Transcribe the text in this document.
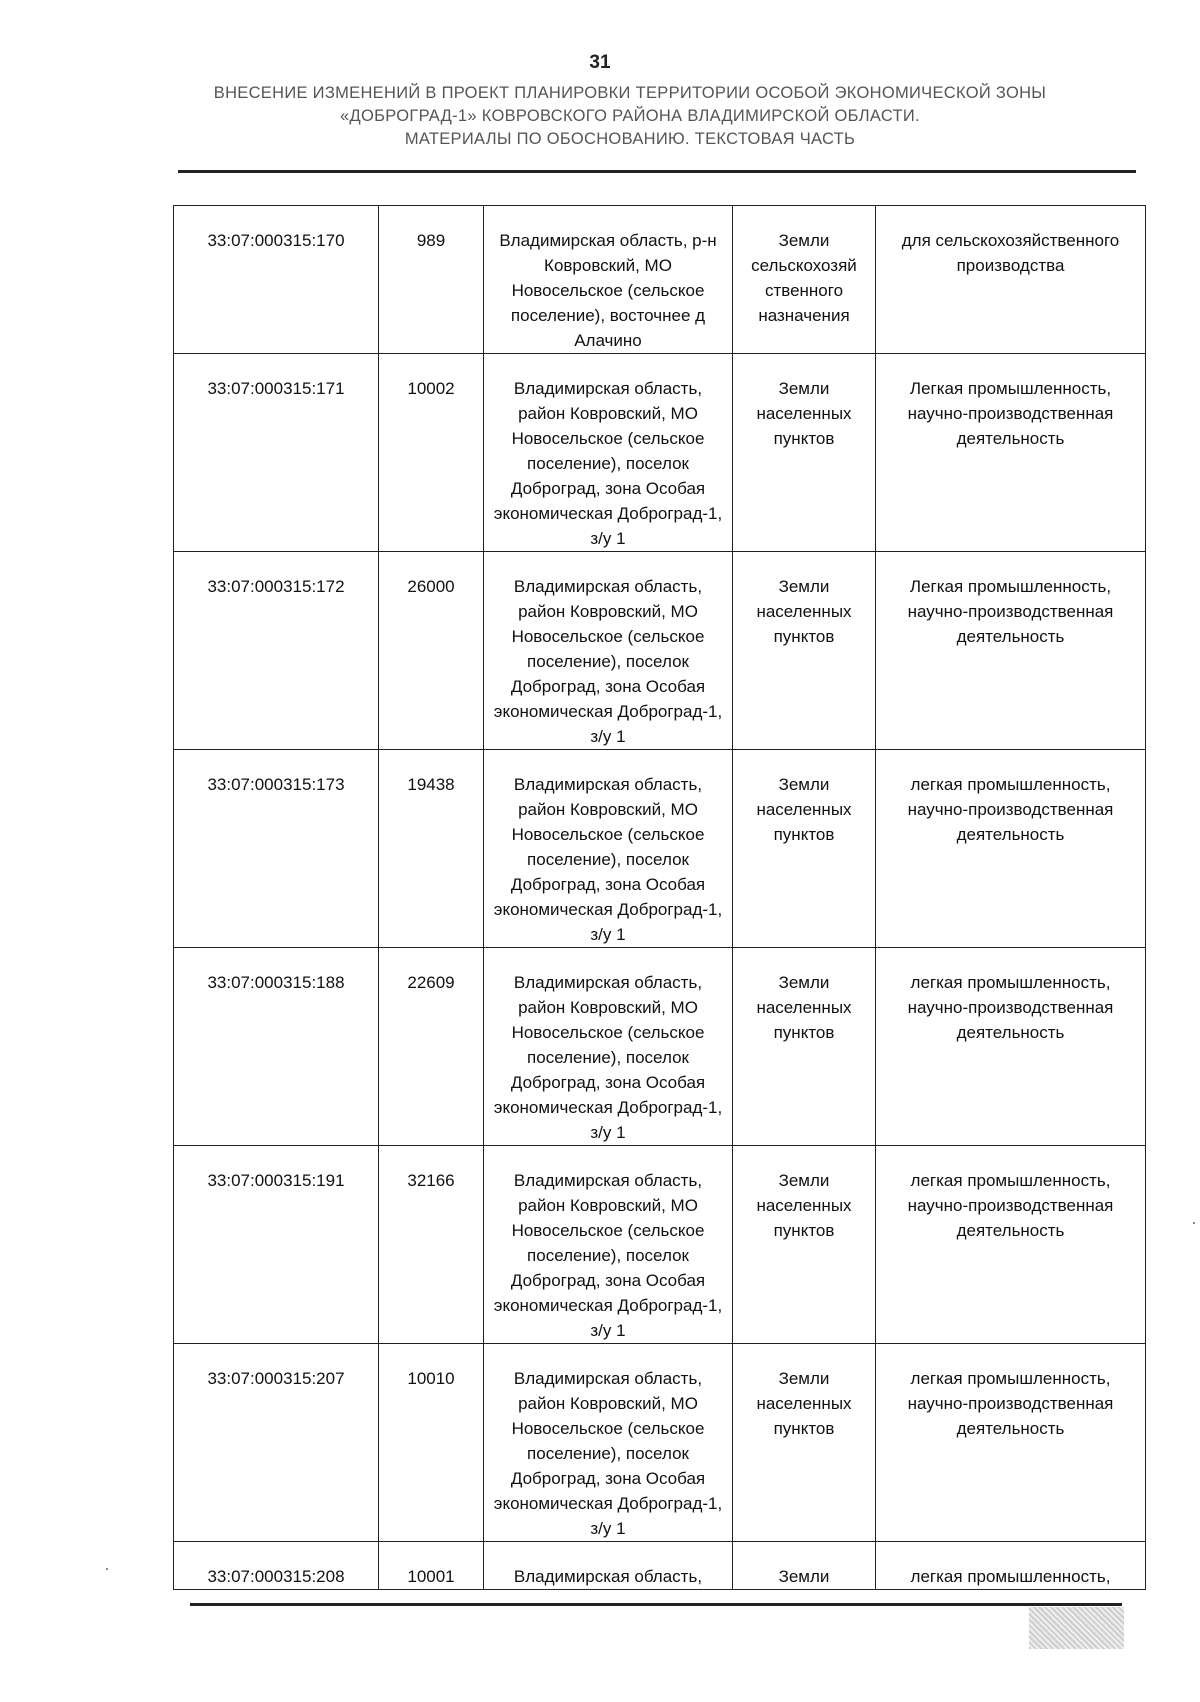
31
ВНЕСЕНИЕ ИЗМЕНЕНИЙ В ПРОЕКТ ПЛАНИРОВКИ ТЕРРИТОРИИ ОСОБОЙ ЭКОНОМИЧЕСКОЙ ЗОНЫ
«ДОБРОГРАД-1» КОВРОВСКОГО РАЙОНА ВЛАДИМИРСКОЙ ОБЛАСТИ.
МАТЕРИАЛЫ ПО ОБОСНОВАНИЮ. ТЕКСТОВАЯ ЧАСТЬ
33:07:000315:170	989	Владимирская область, р-н Ковровский, МО Новосельское (сельское поселение), восточнее д Алачино	Земли сельскохозяй ственного назначения	для сельскохозяйственного производства
33:07:000315:171	10002	Владимирская область, район Ковровский, МО Новосельское (сельское поселение), поселок Доброград, зона Особая экономическая Доброград-1, з/у 1	Земли населенных пунктов	Легкая промышленность, научно-производственная деятельность
33:07:000315:172	26000	Владимирская область, район Ковровский, МО Новосельское (сельское поселение), поселок Доброград, зона Особая экономическая Доброград-1, з/у 1	Земли населенных пунктов	Легкая промышленность, научно-производственная деятельность
33:07:000315:173	19438	Владимирская область, район Ковровский, МО Новосельское (сельское поселение), поселок Доброград, зона Особая экономическая Доброград-1, з/у 1	Земли населенных пунктов	легкая промышленность, научно-производственная деятельность
33:07:000315:188	22609	Владимирская область, район Ковровский, МО Новосельское (сельское поселение), поселок Доброград, зона Особая экономическая Доброград-1, з/у 1	Земли населенных пунктов	легкая промышленность, научно-производственная деятельность
33:07:000315:191	32166	Владимирская область, район Ковровский, МО Новосельское (сельское поселение), поселок Доброград, зона Особая экономическая Доброград-1, з/у 1	Земли населенных пунктов	легкая промышленность, научно-производственная деятельность
33:07:000315:207	10010	Владимирская область, район Ковровский, МО Новосельское (сельское поселение), поселок Доброград, зона Особая экономическая Доброград-1, з/у 1	Земли населенных пунктов	легкая промышленность, научно-производственная деятельность
33:07:000315:208	10001	Владимирская область,	Земли	легкая промышленность,
